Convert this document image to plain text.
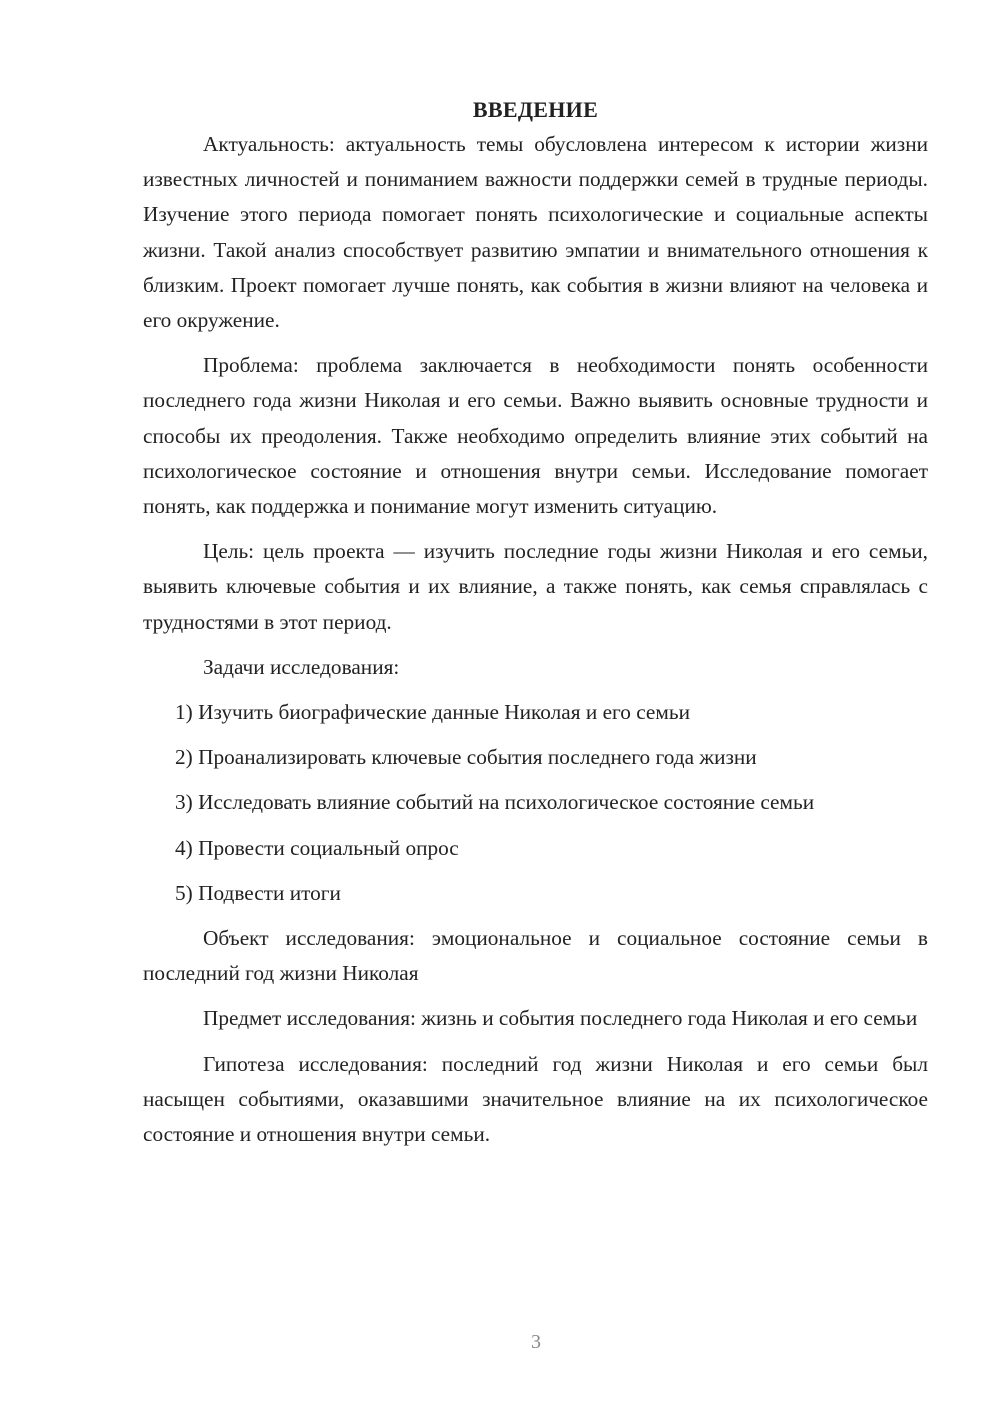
ВВЕДЕНИЕ

Актуальность: актуальность темы обусловлена интересом к истории жизни известных личностей и пониманием важности поддержки семей в трудные периоды. Изучение этого периода помогает понять психологические и социальные аспекты жизни. Такой анализ способствует развитию эмпатии и внимательного отношения к близким. Проект помогает лучше понять, как события в жизни влияют на человека и его окружение.

Проблема: проблема заключается в необходимости понять особенности последнего года жизни Николая и его семьи. Важно выявить основные трудности и способы их преодоления. Также необходимо определить влияние этих событий на психологическое состояние и отношения внутри семьи. Исследование помогает понять, как поддержка и понимание могут изменить ситуацию.

Цель: цель проекта — изучить последние годы жизни Николая и его семьи, выявить ключевые события и их влияние, а также понять, как семья справлялась с трудностями в этот период.

Задачи исследования:

1) Изучить биографические данные Николая и его семьи
2) Проанализировать ключевые события последнего года жизни
3) Исследовать влияние событий на психологическое состояние семьи
4) Провести социальный опрос
5) Подвести итоги

Объект исследования: эмоциональное и социальное состояние семьи в последний год жизни Николая

Предмет исследования: жизнь и события последнего года Николая и его семьи

Гипотеза исследования: последний год жизни Николая и его семьи был насыщен событиями, оказавшими значительное влияние на их психологическое состояние и отношения внутри семьи.

3
